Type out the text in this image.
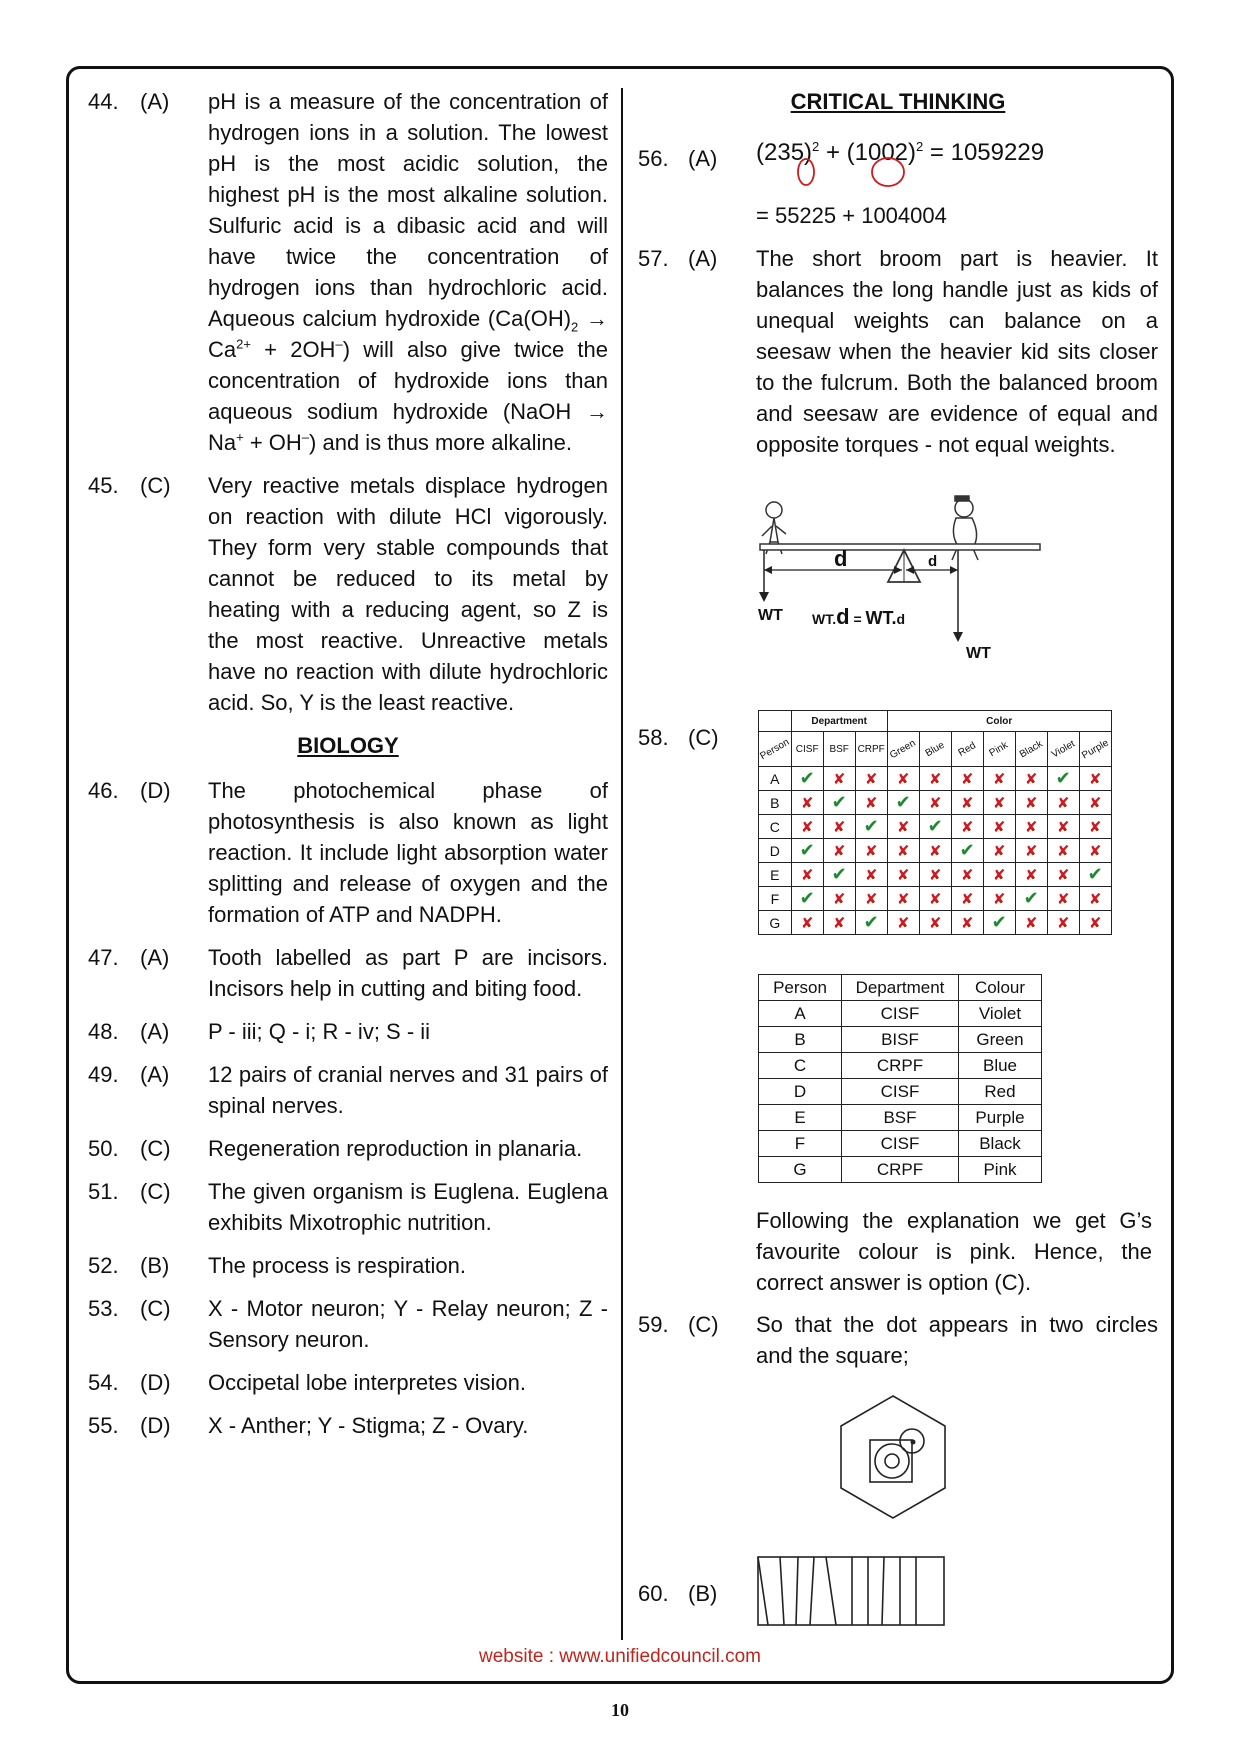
44. (A)	pH is a measure of the concentration of hydrogen ions in a solution. The lowest pH is the most acidic solution, the highest pH is the most alkaline solution. Sulfuric acid is a dibasic acid and will have twice the concentration of hydrogen ions than hydrochloric acid. Aqueous calcium hydroxide $(Ca(OH)_2 \to Ca^{2+} + 2OH^-)$ will also give twice the concentration of hydroxide ions than aqueous sodium hydroxide (NaOH → Na+ + OH–) and is thus more alkaline.
45. (C)	Very reactive metals displace hydrogen on reaction with dilute HCl vigorously. They form very stable compounds that cannot be reduced to its metal by heating with a reducing agent, so Z is the most reactive. Unreactive metals have no reaction with dilute hydrochloric acid. So, Y is the least reactive.
BIOLOGY
46. (D)	The photochemical phase of photosynthesis is also known as light reaction. It include light absorption water splitting and release of oxygen and the formation of ATP and NADPH.
47. (A)	Tooth labelled as part P are incisors. Incisors help in cutting and biting food.
48. (A)	P - iii; Q - i; R - iv; S - ii
49. (A)	12 pairs of cranial nerves and 31 pairs of spinal nerves.
50. (C)	Regeneration reproduction in planaria.
51. (C)	The given organism is Euglena. Euglena exhibits Mixotrophic nutrition.
52. (B)	The process is respiration.
53. (C)	X - Motor neuron; Y - Relay neuron; Z - Sensory neuron.
54. (D)	Occipetal lobe interpretes vision.
55. (D)	X - Anther; Y - Stigma; Z - Ovary.
CRITICAL THINKING
56. (A)	$(235)^2 + (1002)^2 = 1059229$
= 55225 + 1004004
57. (A)	The short broom part is heavier. It balances the long handle just as kids of unequal weights can balance on a seesaw when the heavier kid sits closer to the fulcrum. Both the balanced broom and seesaw are evidence of equal and opposite torques - not equal weights.
d	d
WT
WT
WT.d = WT.d
58. (C)
	Department			Color						
Person	CISF	BSF	CRPF	Green	Blue	Red	Pink	Black	Violet	Purple
A	✔	✘	✘	✘	✘	✘	✘	✘	✔	✘
B	✘	✔	✘	✔	✘	✘	✘	✘	✘	✘
C	✘	✘	✔	✘	✔	✘	✘	✘	✘	✘
D	✔	✘	✘	✘	✘	✔	✘	✘	✘	✘
E	✘	✔	✘	✘	✘	✘	✘	✘	✘	✔
F	✔	✘	✘	✘	✘	✘	✘	✔	✘	✘
G	✘	✘	✔	✘	✘	✘	✔	✘	✘	✘
Person	Department	Colour
A	CISF	Violet
B	BISF	Green
C	CRPF	Blue
D	CISF	Red
E	BSF	Purple
F	CISF	Black
G	CRPF	Pink
Following the explanation we get G’s favourite colour is pink. Hence, the correct answer is option (C).
59. (C)	So that the dot appears in two circles and the square;
60. (B)
website : www.unifiedcouncil.com
10
